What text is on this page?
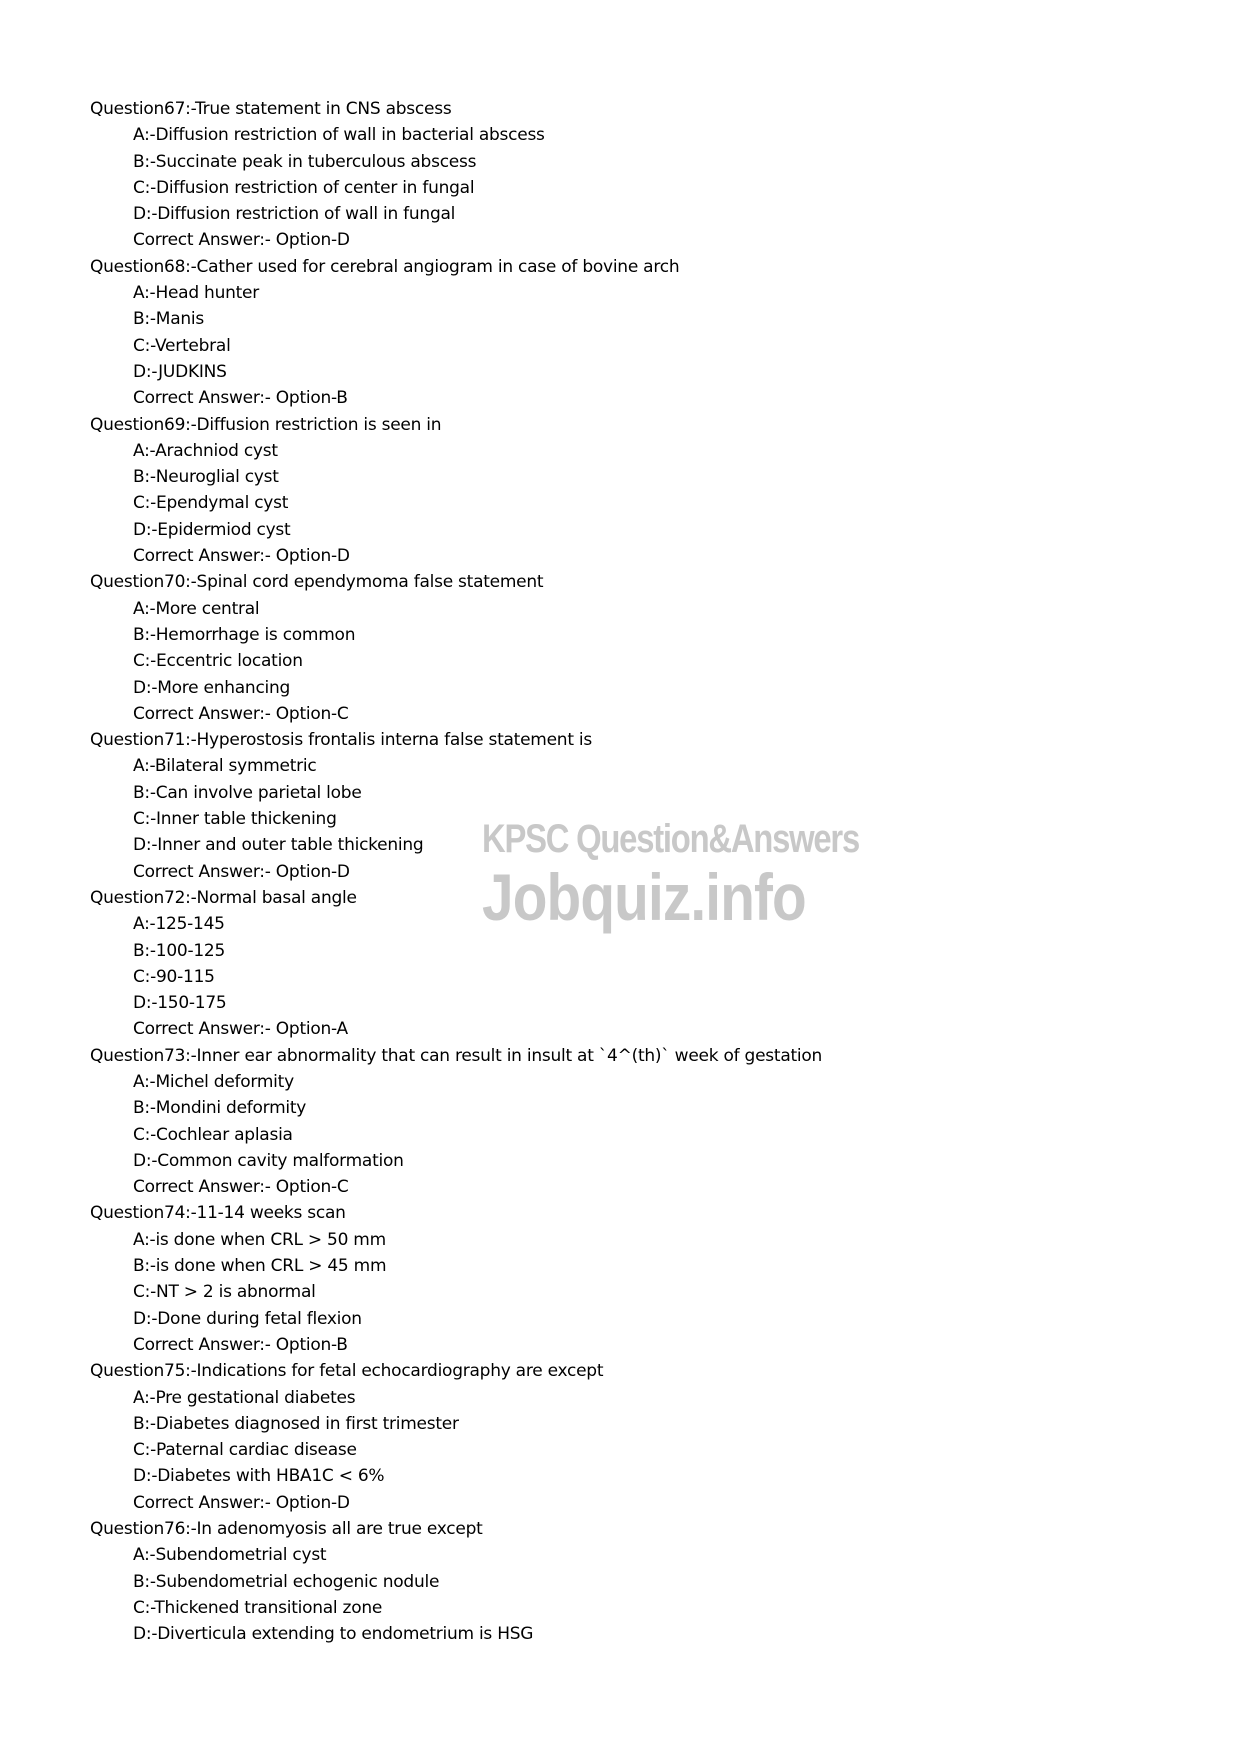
Question67:-True statement in CNS abscess
A:-Diffusion restriction of wall in bacterial abscess
B:-Succinate peak in tuberculous abscess
C:-Diffusion restriction of center in fungal
D:-Diffusion restriction of wall in fungal
Correct Answer:- Option-D
Question68:-Cather used for cerebral angiogram in case of bovine arch
A:-Head hunter
B:-Manis
C:-Vertebral
D:-JUDKINS
Correct Answer:- Option-B
Question69:-Diffusion restriction is seen in
A:-Arachniod cyst
B:-Neuroglial cyst
C:-Ependymal cyst
D:-Epidermiod cyst
Correct Answer:- Option-D
Question70:-Spinal cord ependymoma false statement
A:-More central
B:-Hemorrhage is common
C:-Eccentric location
D:-More enhancing
Correct Answer:- Option-C
Question71:-Hyperostosis frontalis interna false statement is
A:-Bilateral symmetric
B:-Can involve parietal lobe
C:-Inner table thickening
D:-Inner and outer table thickening
Correct Answer:- Option-D
Question72:-Normal basal angle
A:-125-145
B:-100-125
C:-90-115
D:-150-175
Correct Answer:- Option-A
Question73:-Inner ear abnormality that can result in insult at `4^(th)` week of gestation
A:-Michel deformity
B:-Mondini deformity
C:-Cochlear aplasia
D:-Common cavity malformation
Correct Answer:- Option-C
Question74:-11-14 weeks scan
A:-is done when CRL > 50 mm
B:-is done when CRL > 45 mm
C:-NT > 2 is abnormal
D:-Done during fetal flexion
Correct Answer:- Option-B
Question75:-Indications for fetal echocardiography are except
A:-Pre gestational diabetes
B:-Diabetes diagnosed in first trimester
C:-Paternal cardiac disease
D:-Diabetes with HBA1C < 6%
Correct Answer:- Option-D
Question76:-In adenomyosis all are true except
A:-Subendometrial cyst
B:-Subendometrial echogenic nodule
C:-Thickened transitional zone
D:-Diverticula extending to endometrium is HSG
KPSC Question&Answers
Jobquiz.info
